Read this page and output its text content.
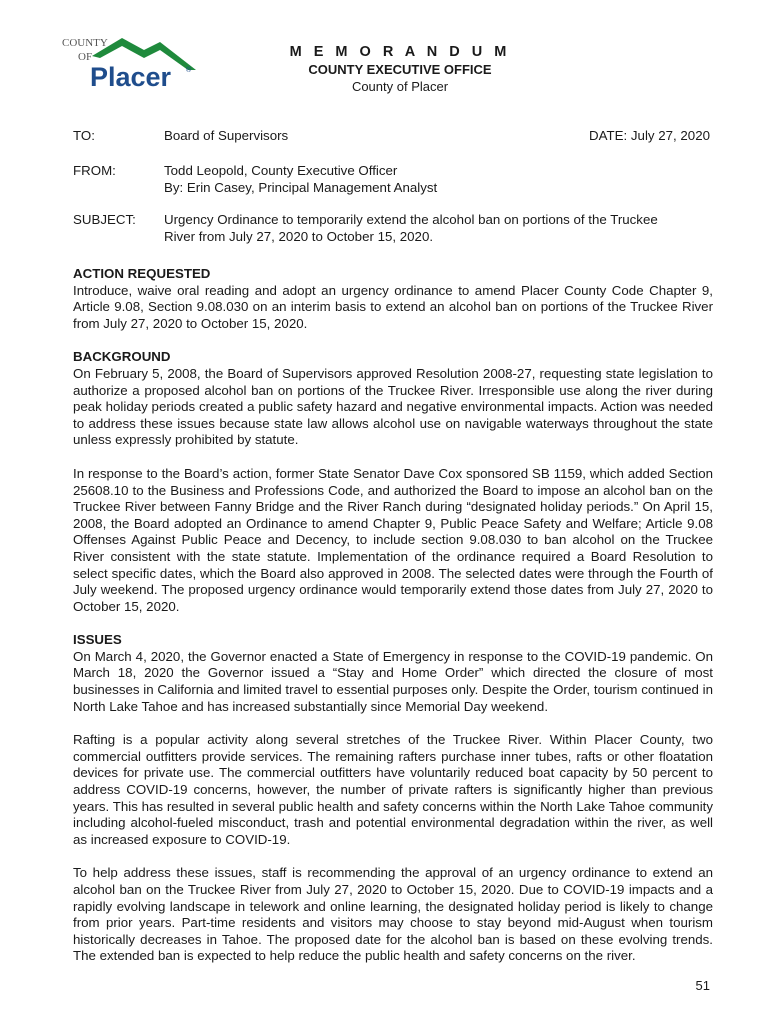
COUNTY
OF
Placer ®
M E M O R A N D U M
COUNTY EXECUTIVE OFFICE
County of Placer
TO:	Board of Supervisors	DATE: July 27, 2020
FROM:	Todd Leopold, County Executive Officer
By: Erin Casey, Principal Management Analyst
SUBJECT: Urgency Ordinance to temporarily extend the alcohol ban on portions of the Truckee
River from July 27, 2020 to October 15, 2020.
ACTION REQUESTED

Introduce, waive oral reading and adopt an urgency ordinance to amend Placer County Code Chapter 9, Article 9.08, Section 9.08.030 on an interim basis to extend an alcohol ban on portions of the Truckee River from July 27, 2020 to October 15, 2020.

BACKGROUND

On February 5, 2008, the Board of Supervisors approved Resolution 2008-27, requesting state legislation to authorize a proposed alcohol ban on portions of the Truckee River. Irresponsible use along the river during peak holiday periods created a public safety hazard and negative environmental impacts. Action was needed to address these issues because state law allows alcohol use on navigable waterways throughout the state unless expressly prohibited by statute.

In response to the Board’s action, former State Senator Dave Cox sponsored SB 1159, which added Section 25608.10 to the Business and Professions Code, and authorized the Board to impose an alcohol ban on the Truckee River between Fanny Bridge and the River Ranch during “designated holiday periods.” On April 15, 2008, the Board adopted an Ordinance to amend Chapter 9, Public Peace Safety and Welfare; Article 9.08 Offenses Against Public Peace and Decency, to include section 9.08.030 to ban alcohol on the Truckee River consistent with the state statute. Implementation of the ordinance required a Board Resolution to select specific dates, which the Board also approved in 2008. The selected dates were through the Fourth of July weekend. The proposed urgency ordinance would temporarily extend those dates from July 27, 2020 to October 15, 2020.

ISSUES

On March 4, 2020, the Governor enacted a State of Emergency in response to the COVID-19 pandemic. On March 18, 2020 the Governor issued a “Stay and Home Order” which directed the closure of most businesses in California and limited travel to essential purposes only. Despite the Order, tourism continued in North Lake Tahoe and has increased substantially since Memorial Day weekend.

Rafting is a popular activity along several stretches of the Truckee River. Within Placer County, two commercial outfitters provide services. The remaining rafters purchase inner tubes, rafts or other floatation devices for private use. The commercial outfitters have voluntarily reduced boat capacity by 50 percent to address COVID-19 concerns, however, the number of private rafters is significantly higher than previous years. This has resulted in several public health and safety concerns within the North Lake Tahoe community including alcohol-fueled misconduct, trash and potential environmental degradation within the river, as well as increased exposure to COVID-19.

To help address these issues, staff is recommending the approval of an urgency ordinance to extend an alcohol ban on the Truckee River from July 27, 2020 to October 15, 2020. Due to COVID-19 impacts and a rapidly evolving landscape in telework and online learning, the designated holiday period is likely to change from prior years. Part-time residents and visitors may choose to stay beyond mid-August when tourism historically decreases in Tahoe. The proposed date for the alcohol ban is based on these evolving trends. The extended ban is expected to help reduce the public health and safety concerns on the river.

51
